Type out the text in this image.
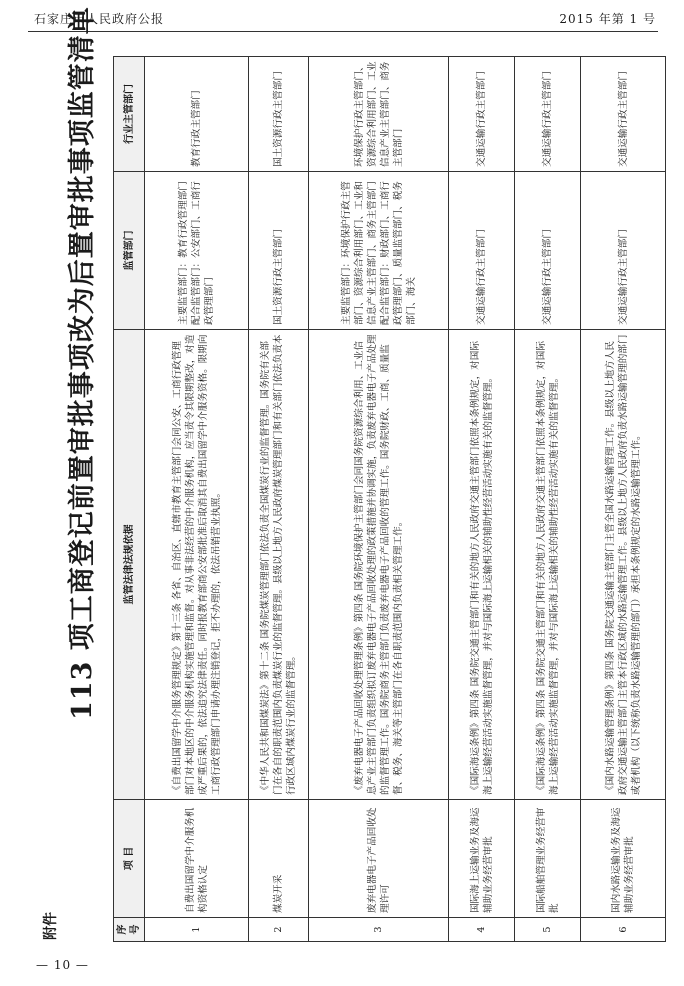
石家庄市人民政府公报	2015 年第 1 号
附件
113 项工商登记前置审批事项改为后置审批事项监管清单
序号	项 目	监管法律法规依据	监管部门	行业主管部门
1	自费出国留学中介服务机构资格认定	《自费出国留学中介服务管理规定》第十三条 各省、自治区、直辖市教育主管部门会同公安、工商行政管理部门对本地区的中介服务机构实施管理和监督。对从事非法经营的中介服务机构，应当责令其限期整改，对造成严重后果的，依法追究法律责任。同时报教育部商公安部批准后取消其自费出国留学中介服务资格。限期向工商行政管理部门申请办理注销登记，拒不办理的，依法吊销营业执照。	主要监管部门：教育行政管理部门 配合监管部门：公安部门、工商行政管理部门	教育行政主管部门
2	煤炭开采	《中华人民共和国煤炭法》第十二条 国务院煤炭管理部门依法负责全国煤炭行业的监督管理。国务院有关部门在各自的职责范围内负责煤炭行业的监督管理。县级以上地方人民政府煤炭管理部门和有关部门依法负责本行政区域内煤炭行业的监督管理。	国土资源行政主管部门	国土资源行政主管部门
3	废弃电器电子产品回收处理许可	《废弃电器电子产品回收处理管理条例》第四条 国务院环境保护主管部门会同国务院资源综合利用、工业信息产业主管部门负责组织拟订废弃电器电子产品回收处理的政策措施并协调实施，负责废弃电器电子产品处理的监督管理工作。国务院商务主管部门负责废弃电器电子产品回收的管理工作。国务院财政、工商、质量监督、税务、海关等主管部门在各自职责范围内负责相关管理工作。	主要监管部门：环境保护行政主管部门、资源综合利用部门、工业和信息产业主管部门、商务主管部门 配合监管部门：财政部门、工商行政管理部门、质量监管部门、税务部门、海关	环境保护行政主管部门、资源综合利用部门、工业信息产业主管部门、商务主管部门
4	国际海上运输业务及海运辅助业务经营审批	《国际海运条例》第四条 国务院交通主管部门和有关的地方人民政府交通主管部门依照本条例规定，对国际海上运输经营活动实施监督管理，并对与国际海上运输相关的辅助性经营活动实施有关的监督管理。	交通运输行政主管部门	交通运输行政主管部门
5	国际船舶管理业务经营审批	《国际海运条例》第四条 国务院交通主管部门和有关的地方人民政府交通主管部门依照本条例规定，对国际海上运输经营活动实施监督管理，并对与国际海上运输相关的辅助性经营活动实施有关的监督管理。	交通运输行政主管部门	交通运输行政主管部门
6	国内水路运输业务及海运辅助业务经营审批	《国内水路运输管理条例》第四条 国务院交通运输主管部门主管全国水路运输管理工作。县级以上地方人民政府交通运输主管部门主管本行政区域的水路运输管理工作。县级以上地方人民政府负责水路运输管理的部门或者机构（以下统称负责水路运输管理的部门）承担本条例规定的水路运输管理工作。	交通运输行政主管部门	交通运输行政主管部门
— 10 —
